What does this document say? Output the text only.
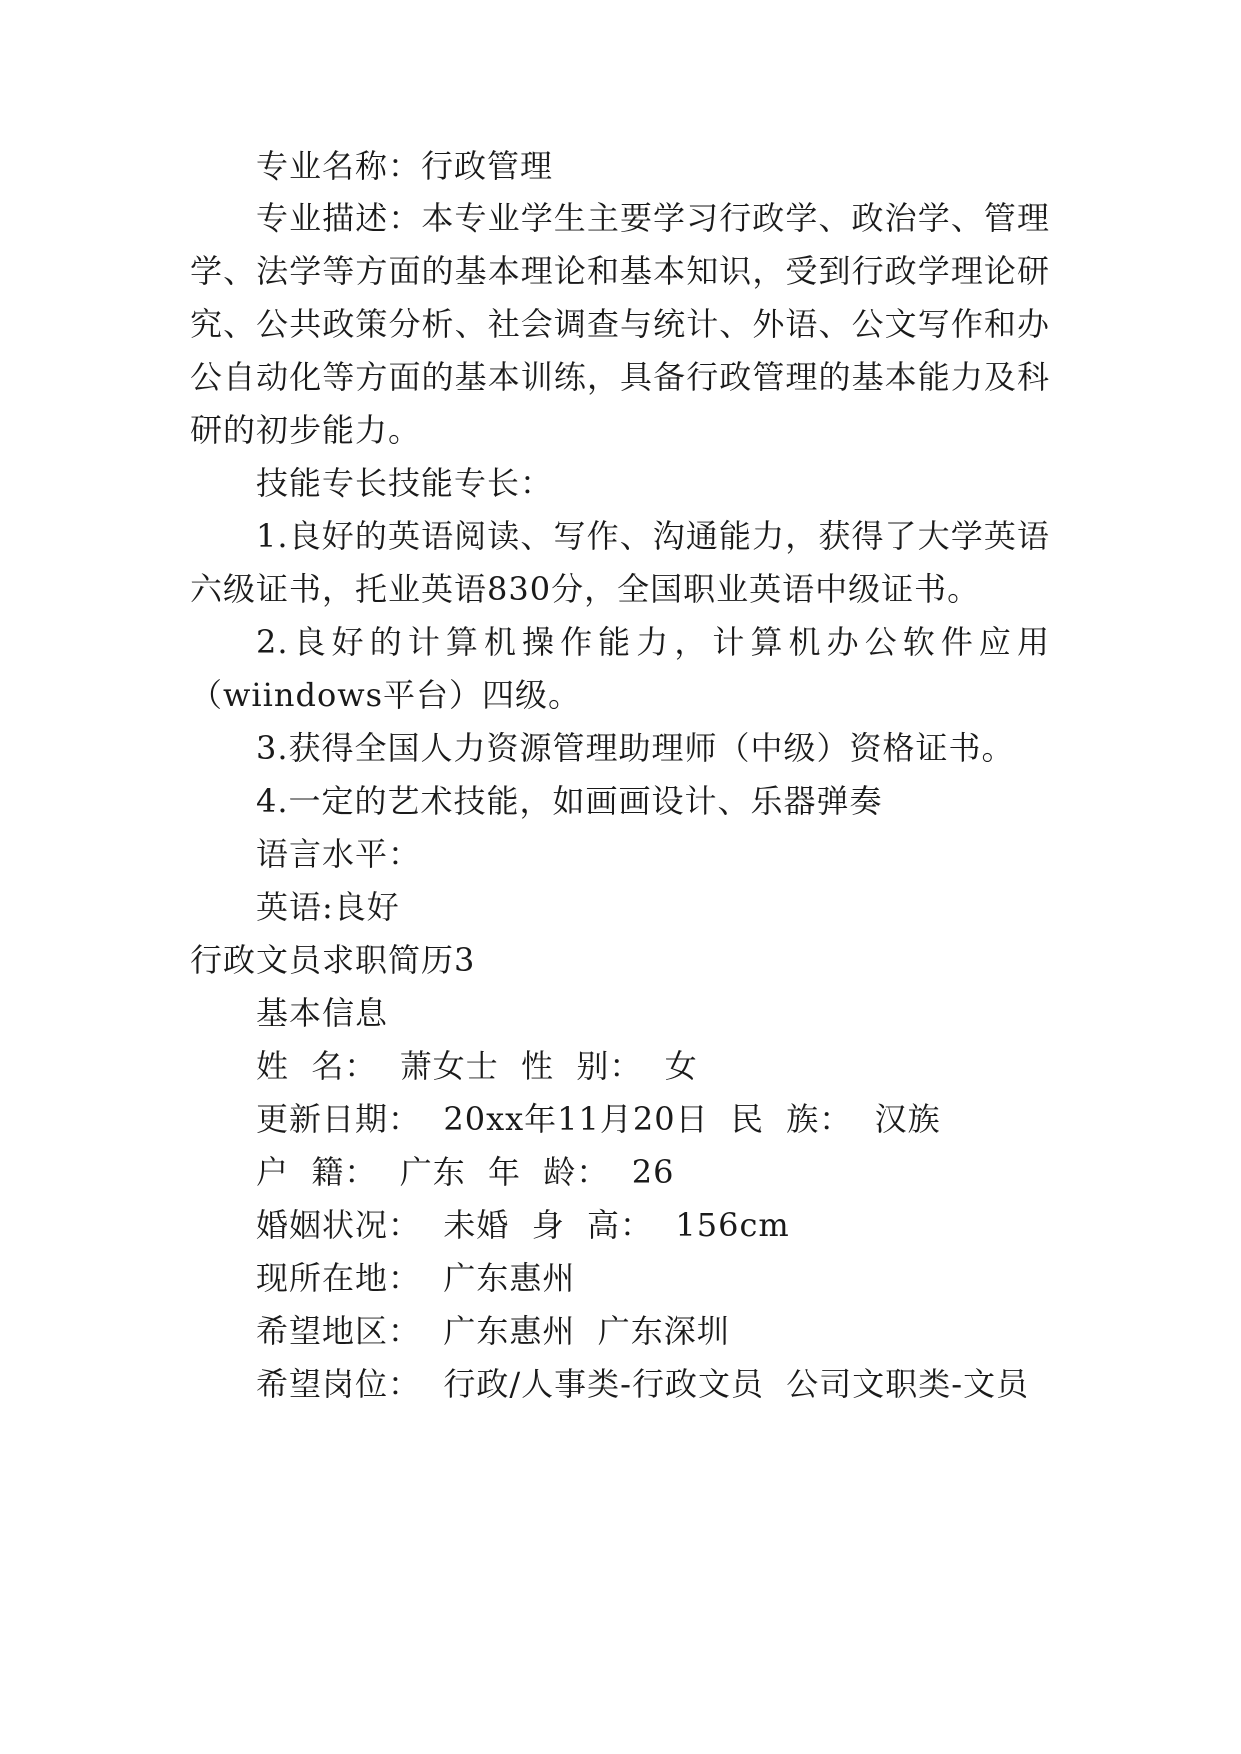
专业名称：行政管理
专业描述：本专业学生主要学习行政学、政治学、管理
学、法学等方面的基本理论和基本知识，受到行政学理论研
究、公共政策分析、社会调查与统计、外语、公文写作和办
公自动化等方面的基本训练，具备行政管理的基本能力及科
研的初步能力。
技能专长技能专长：
1.良好的英语阅读、写作、沟通能力，获得了大学英语
六级证书，托业英语830分，全国职业英语中级证书。
2.良好的计算机操作能力，计算机办公软件应用
（wiindows平台）四级。
3.获得全国人力资源管理助理师（中级）资格证书。
4.一定的艺术技能，如画画设计、乐器弹奏
语言水平：
英语:良好
行政文员求职简历3
基本信息
姓  名：  萧女士  性  别：  女
更新日期：  20xx年11月20日  民  族：  汉族
户  籍：  广东  年  龄：  26
婚姻状况：  未婚  身  高：  156cm
现所在地：  广东惠州
希望地区：  广东惠州  广东深圳
希望岗位：  行政/人事类-行政文员  公司文职类-文员
